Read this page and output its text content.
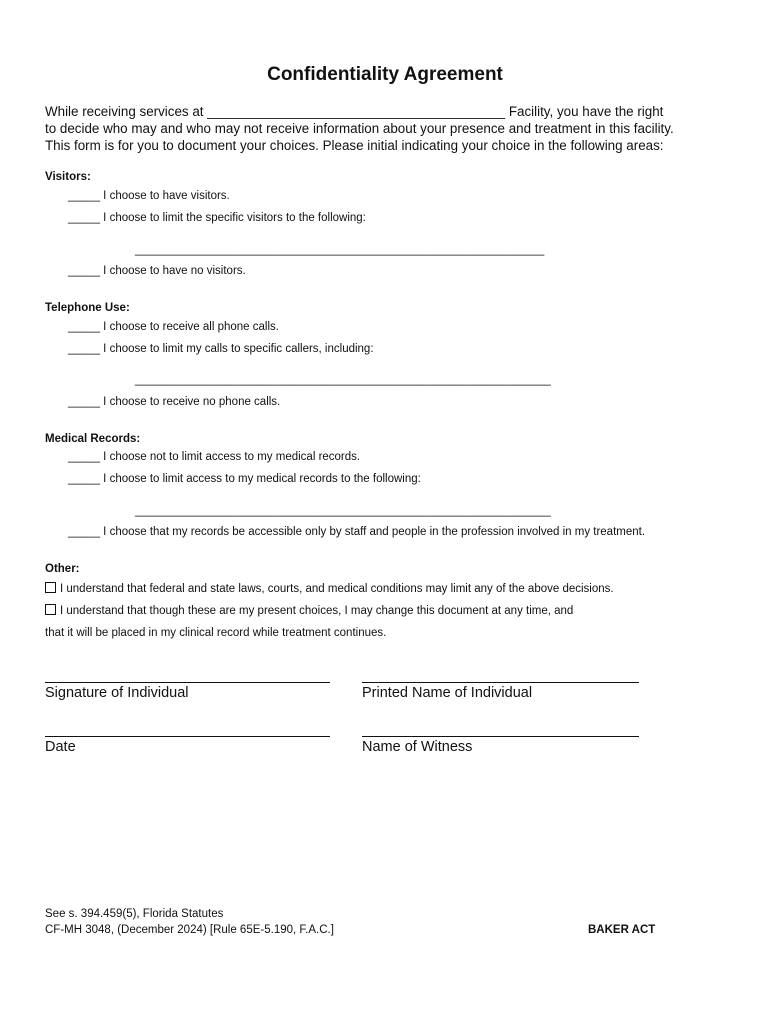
Confidentiality Agreement
While receiving services at ________________________________________ Facility, you have the right
to decide who may and who may not receive information about your presence and treatment in this facility.
This form is for you to document your choices. Please initial indicating your choice in the following areas:
Visitors:
_____ I choose to have visitors.
_____ I choose to limit the specific visitors to the following:
________________________________________________________________
_____ I choose to have no visitors.
Telephone Use:
_____ I choose to receive all phone calls.
_____ I choose to limit my calls to specific callers, including:
_________________________________________________________________
_____ I choose to receive no phone calls.
Medical Records:
_____ I choose not to limit access to my medical records.
_____ I choose to limit access to my medical records to the following:
_________________________________________________________________
_____ I choose that my records be accessible only by staff and people in the profession involved in my treatment.
Other:
I understand that federal and state laws, courts, and medical conditions may limit any of the above decisions.
I understand that though these are my present choices, I may change this document at any time, and
that it will be placed in my clinical record while treatment continues.
Signature of Individual	Printed Name of Individual
Date	Name of Witness
See s. 394.459(5), Florida Statutes
CF-MH 3048, (December 2024) [Rule 65E-5.190, F.A.C.]	BAKER ACT
